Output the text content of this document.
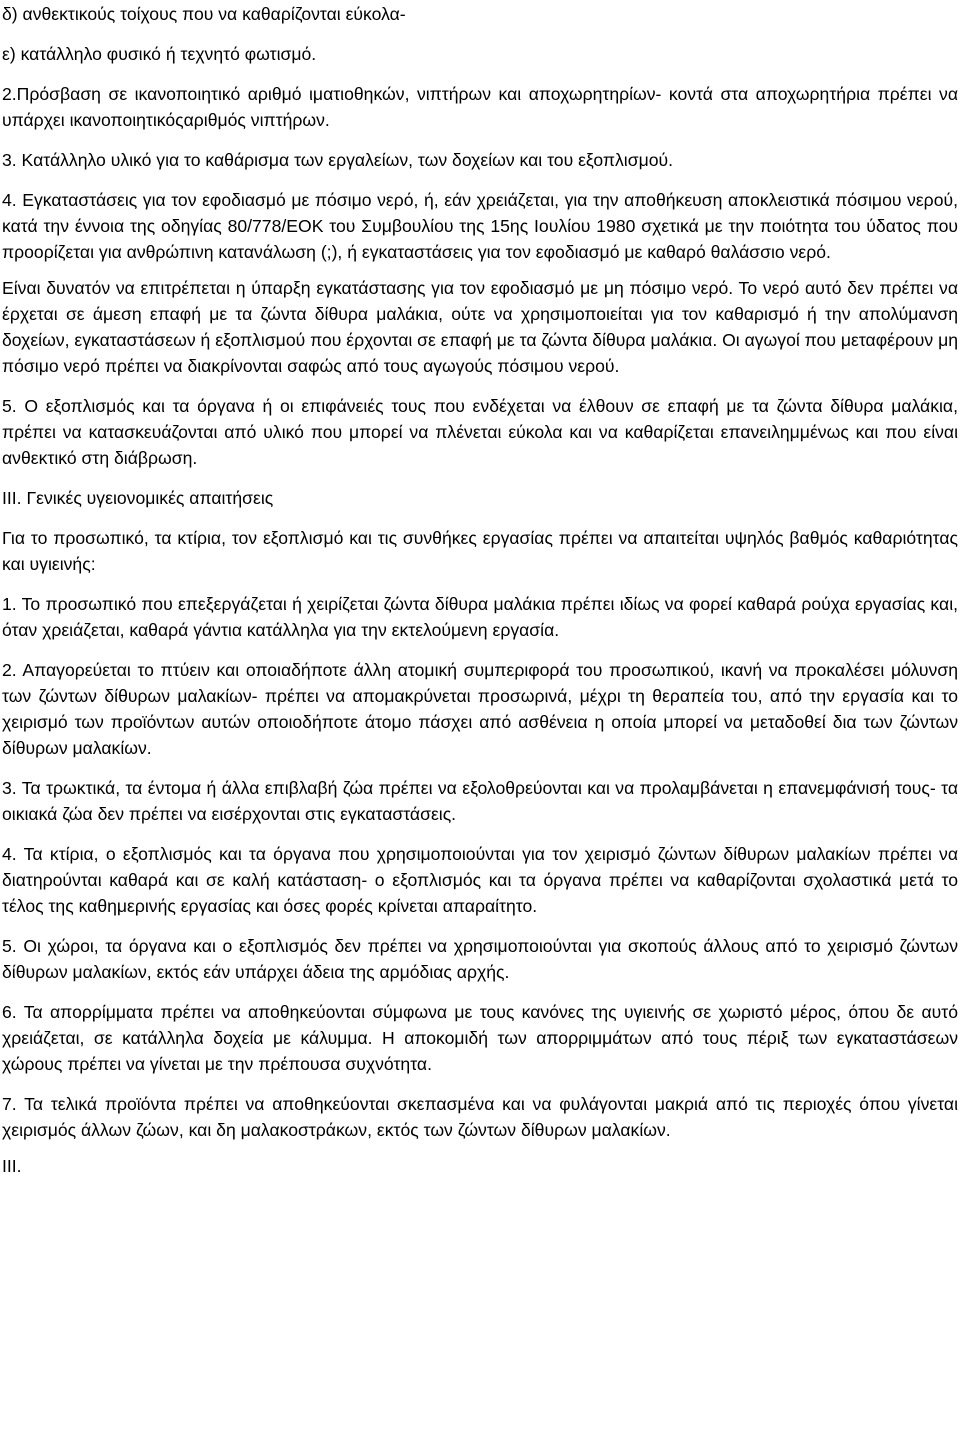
δ) ανθεκτικούς τοίχους που να καθαρίζονται εύκολα-

ε) κατάλληλο φυσικό ή τεχνητό φωτισμό.

2.Πρόσβαση σε ικανοποιητικό αριθμό ιματιοθηκών, νιπτήρων και αποχωρητηρίων- κοντά στα αποχωρητήρια πρέπει να υπάρχει ικανοποιητικόςαριθμός νιπτήρων.

3. Κατάλληλο υλικό για το καθάρισμα των εργαλείων, των δοχείων και του εξοπλισμού.

4. Εγκαταστάσεις για τον εφοδιασμό με πόσιμο νερό, ή, εάν χρειάζεται, για την αποθήκευση αποκλειστικά πόσιμου νερού, κατά την έννοια της οδηγίας 80/778/ΕΟΚ του Συμβουλίου της 15ης Ιουλίου 1980 σχετικά με την ποιότητα του ύδατος που προορίζεται για ανθρώπινη κατανάλωση (;), ή εγκαταστάσεις για τον εφοδιασμό με καθαρό θαλάσσιο νερό.

Είναι δυνατόν να επιτρέπεται η ύπαρξη εγκατάστασης για τον εφοδιασμό με μη πόσιμο νερό. Το νερό αυτό δεν πρέπει να έρχεται σε άμεση επαφή με τα ζώντα δίθυρα μαλάκια, ούτε να χρησιμοποιείται για τον καθαρισμό ή την απολύμανση δοχείων, εγκαταστάσεων ή εξοπλισμού που έρχονται σε επαφή με τα ζώντα δίθυρα μαλάκια. Οι αγωγοί που μεταφέρουν μη πόσιμο νερό πρέπει να διακρίνονται σαφώς από τους αγωγούς πόσιμου νερού.

5. Ο εξοπλισμός και τα όργανα ή οι επιφάνειές τους που ενδέχεται να έλθουν σε επαφή με τα ζώντα δίθυρα μαλάκια, πρέπει να κατασκευάζονται από υλικό που μπορεί να πλένεται εύκολα και να καθαρίζεται επανειλημμένως και που είναι ανθεκτικό στη διάβρωση.

III. Γενικές υγειονομικές απαιτήσεις

Για το προσωπικό, τα κτίρια, τον εξοπλισμό και τις συνθήκες εργασίας πρέπει να απαιτείται υψηλός βαθμός καθαριότητας και υγιεινής:

1. Το προσωπικό που επεξεργάζεται ή χειρίζεται ζώντα δίθυρα μαλάκια πρέπει ιδίως να φορεί καθαρά ρούχα εργασίας και, όταν χρειάζεται, καθαρά γάντια κατάλληλα για την εκτελούμενη εργασία.

2. Απαγορεύεται το πτύειν και οποιαδήποτε άλλη ατομική συμπεριφορά του προσωπικού, ικανή να προκαλέσει μόλυνση των ζώντων δίθυρων μαλακίων- πρέπει να απομακρύνεται προσωρινά, μέχρι τη θεραπεία του, από την εργασία και το χειρισμό των προϊόντων αυτών οποιοδήποτε άτομο πάσχει από ασθένεια η οποία μπορεί να μεταδοθεί δια των ζώντων δίθυρων μαλακίων.

3. Τα τρωκτικά, τα έντομα ή άλλα επιβλαβή ζώα πρέπει να εξολοθρεύονται και να προλαμβάνεται η επανεμφάνισή τους- τα οικιακά ζώα δεν πρέπει να εισέρχονται στις εγκαταστάσεις.

4. Τα κτίρια, ο εξοπλισμός και τα όργανα που χρησιμοποιούνται για τον χειρισμό ζώντων δίθυρων μαλακίων πρέπει να διατηρούνται καθαρά και σε καλή κατάσταση- ο εξοπλισμός και τα όργανα πρέπει να καθαρίζονται σχολαστικά μετά το τέλος της καθημερινής εργασίας και όσες φορές κρίνεται απαραίτητο.

5. Οι χώροι, τα όργανα και ο εξοπλισμός δεν πρέπει να χρησιμοποιούνται για σκοπούς άλλους από το χειρισμό ζώντων δίθυρων μαλακίων, εκτός εάν υπάρχει άδεια της αρμόδιας αρχής.

6. Τα απορρίμματα πρέπει να αποθηκεύονται σύμφωνα με τους κανόνες της υγιεινής σε χωριστό μέρος, όπου δε αυτό χρειάζεται, σε κατάλληλα δοχεία με κάλυμμα. Η αποκομιδή των απορριμμάτων από τους πέριξ των εγκαταστάσεων χώρους πρέπει να γίνεται με την πρέπουσα συχνότητα.

7. Τα τελικά προϊόντα πρέπει να αποθηκεύονται σκεπασμένα και να φυλάγονται μακριά από τις περιοχές όπου γίνεται χειρισμός άλλων ζώων, και δη μαλακοστράκων, εκτός των ζώντων δίθυρων μαλακίων.

ΙΙΙ.
